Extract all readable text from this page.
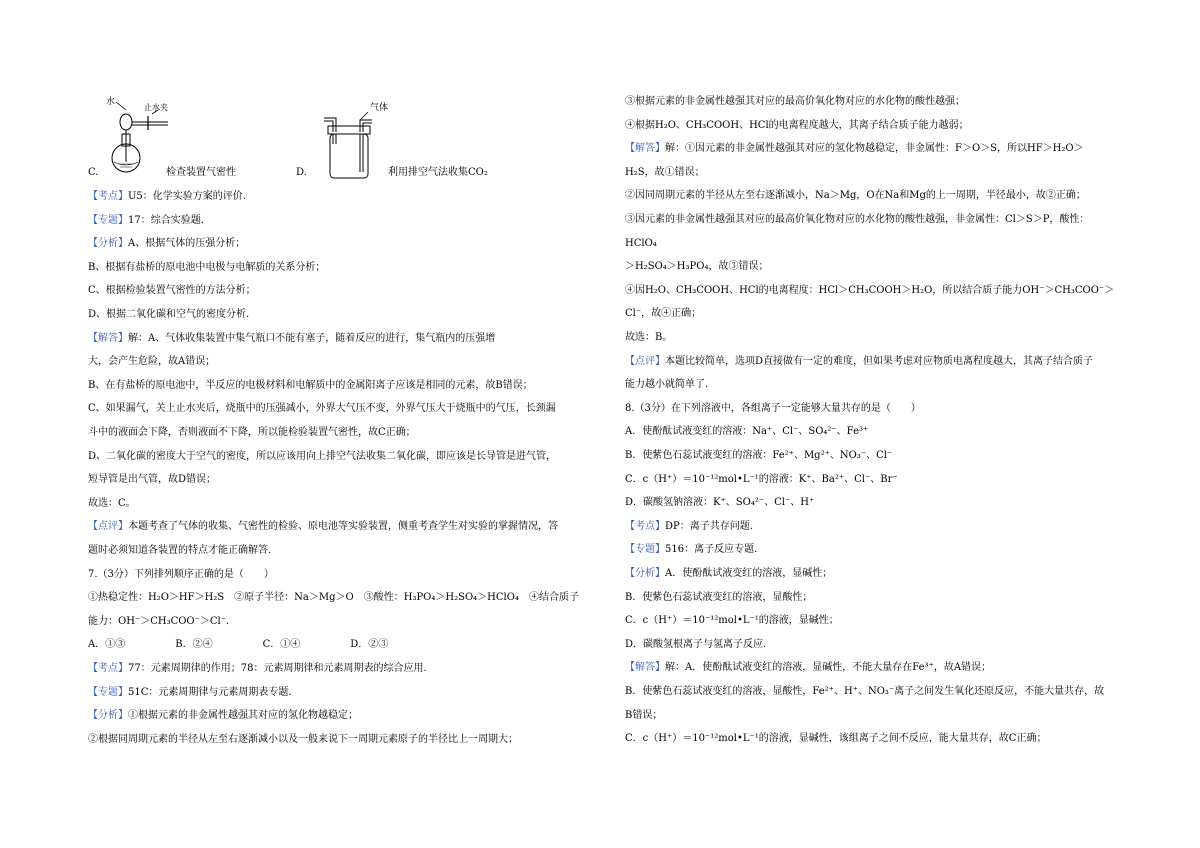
水
止水夹
C.	检查装置气密性
气体
D.	利用排空气法收集CO₂
【考点】U5：化学实验方案的评价.
【专题】17：综合实验题.
【分析】A、根据气体的压强分析；
B、根据有盐桥的原电池中电极与电解质的关系分析；
C、根据检验装置气密性的方法分析；
D、根据二氧化碳和空气的密度分析.
【解答】解：A、气体收集装置中集气瓶口不能有塞子，随着反应的进行，集气瓶内的压强增
大，会产生危险，故A错误；
B、在有盐桥的原电池中，半反应的电极材料和电解质中的金属阳离子应该是相同的元素，故B错误；
C、如果漏气，关上止水夹后，烧瓶中的压强减小，外界大气压不变，外界气压大于烧瓶中的气压，长颈漏
斗中的液面会下降，否则液面不下降，所以能检验装置气密性，故C正确；
D、二氧化碳的密度大于空气的密度，所以应该用向上排空气法收集二氧化碳，即应该是长导管是进气管，
短导管是出气管，故D错误；
故选：C。
【点评】本题考查了气体的收集、气密性的检验、原电池等实验装置，侧重考查学生对实验的掌握情况，答
题时必须知道各装置的特点才能正确解答.
7.（3分）下列排列顺序正确的是（　　）
①热稳定性：H₂O＞HF＞H₂S　②原子半径：Na＞Mg＞O　③酸性：H₃PO₄＞H₂SO₄＞HClO₄　④结合质子
能力：OH⁻＞CH₃COO⁻＞Cl⁻.
A．①③　　　　　B．②④　　　　　C．①④　　　　　D．②③
【考点】77：元素周期律的作用；78：元素周期律和元素周期表的综合应用.
【专题】51C：元素周期律与元素周期表专题.
【分析】①根据元素的非金属性越强其对应的氢化物越稳定；
②根据同周期元素的半径从左至右逐渐减小以及一般来说下一周期元素原子的半径比上一周期大；
③根据元素的非金属性越强其对应的最高价氧化物对应的水化物的酸性越强；
④根据H₂O、CH₃COOH、HCl的电离程度越大，其离子结合质子能力越弱；
【解答】解：①因元素的非金属性越强其对应的氢化物越稳定，非金属性：F＞O＞S，所以HF＞H₂O＞
H₂S，故①错误；
②因同周期元素的半径从左至右逐渐减小，Na＞Mg，O在Na和Mg的上一周期，半径最小，故②正确；
③因元素的非金属性越强其对应的最高价氧化物对应的水化物的酸性越强，非金属性：Cl＞S＞P，酸性：
HClO₄
＞H₂SO₄＞H₃PO₄，故③错误；
④因H₂O、CH₃COOH、HCl的电离程度：HCl＞CH₃COOH＞H₂O，所以结合质子能力OH⁻＞CH₃COO⁻＞
Cl⁻，故④正确；
故选：B。
【点评】本题比较简单，选项D直接做有一定的难度，但如果考虑对应物质电离程度越大，其离子结合质子
能力越小就简单了.
8.（3分）在下列溶液中，各组离子一定能够大量共存的是（　　）
A．使酚酞试液变红的溶液：Na⁺、Cl⁻、SO₄²⁻、Fe³⁺
B．使紫色石蕊试液变红的溶液：Fe²⁺、Mg²⁺、NO₃⁻、Cl⁻
C．c（H⁺）＝10⁻¹²mol•L⁻¹的溶液：K⁺、Ba²⁺、Cl⁻、Br⁻
D．碳酸氢钠溶液：K⁺、SO₄²⁻、Cl⁻、H⁺
【考点】DP：离子共存问题.
【专题】516：离子反应专题.
【分析】A．使酚酞试液变红的溶液，显碱性；
B．使紫色石蕊试液变红的溶液，显酸性；
C．c（H⁺）＝10⁻¹²mol•L⁻¹的溶液，显碱性；
D．碳酸氢根离子与氢离子反应.
【解答】解：A．使酚酞试液变红的溶液，显碱性，不能大量存在Fe³⁺，故A错误；
B．使紫色石蕊试液变红的溶液，显酸性，Fe²⁺、H⁺、NO₃⁻离子之间发生氧化还原反应，不能大量共存，故
B错误；
C．c（H⁺）＝10⁻¹²mol•L⁻¹的溶液，显碱性，该组离子之间不反应，能大量共存，故C正确；
